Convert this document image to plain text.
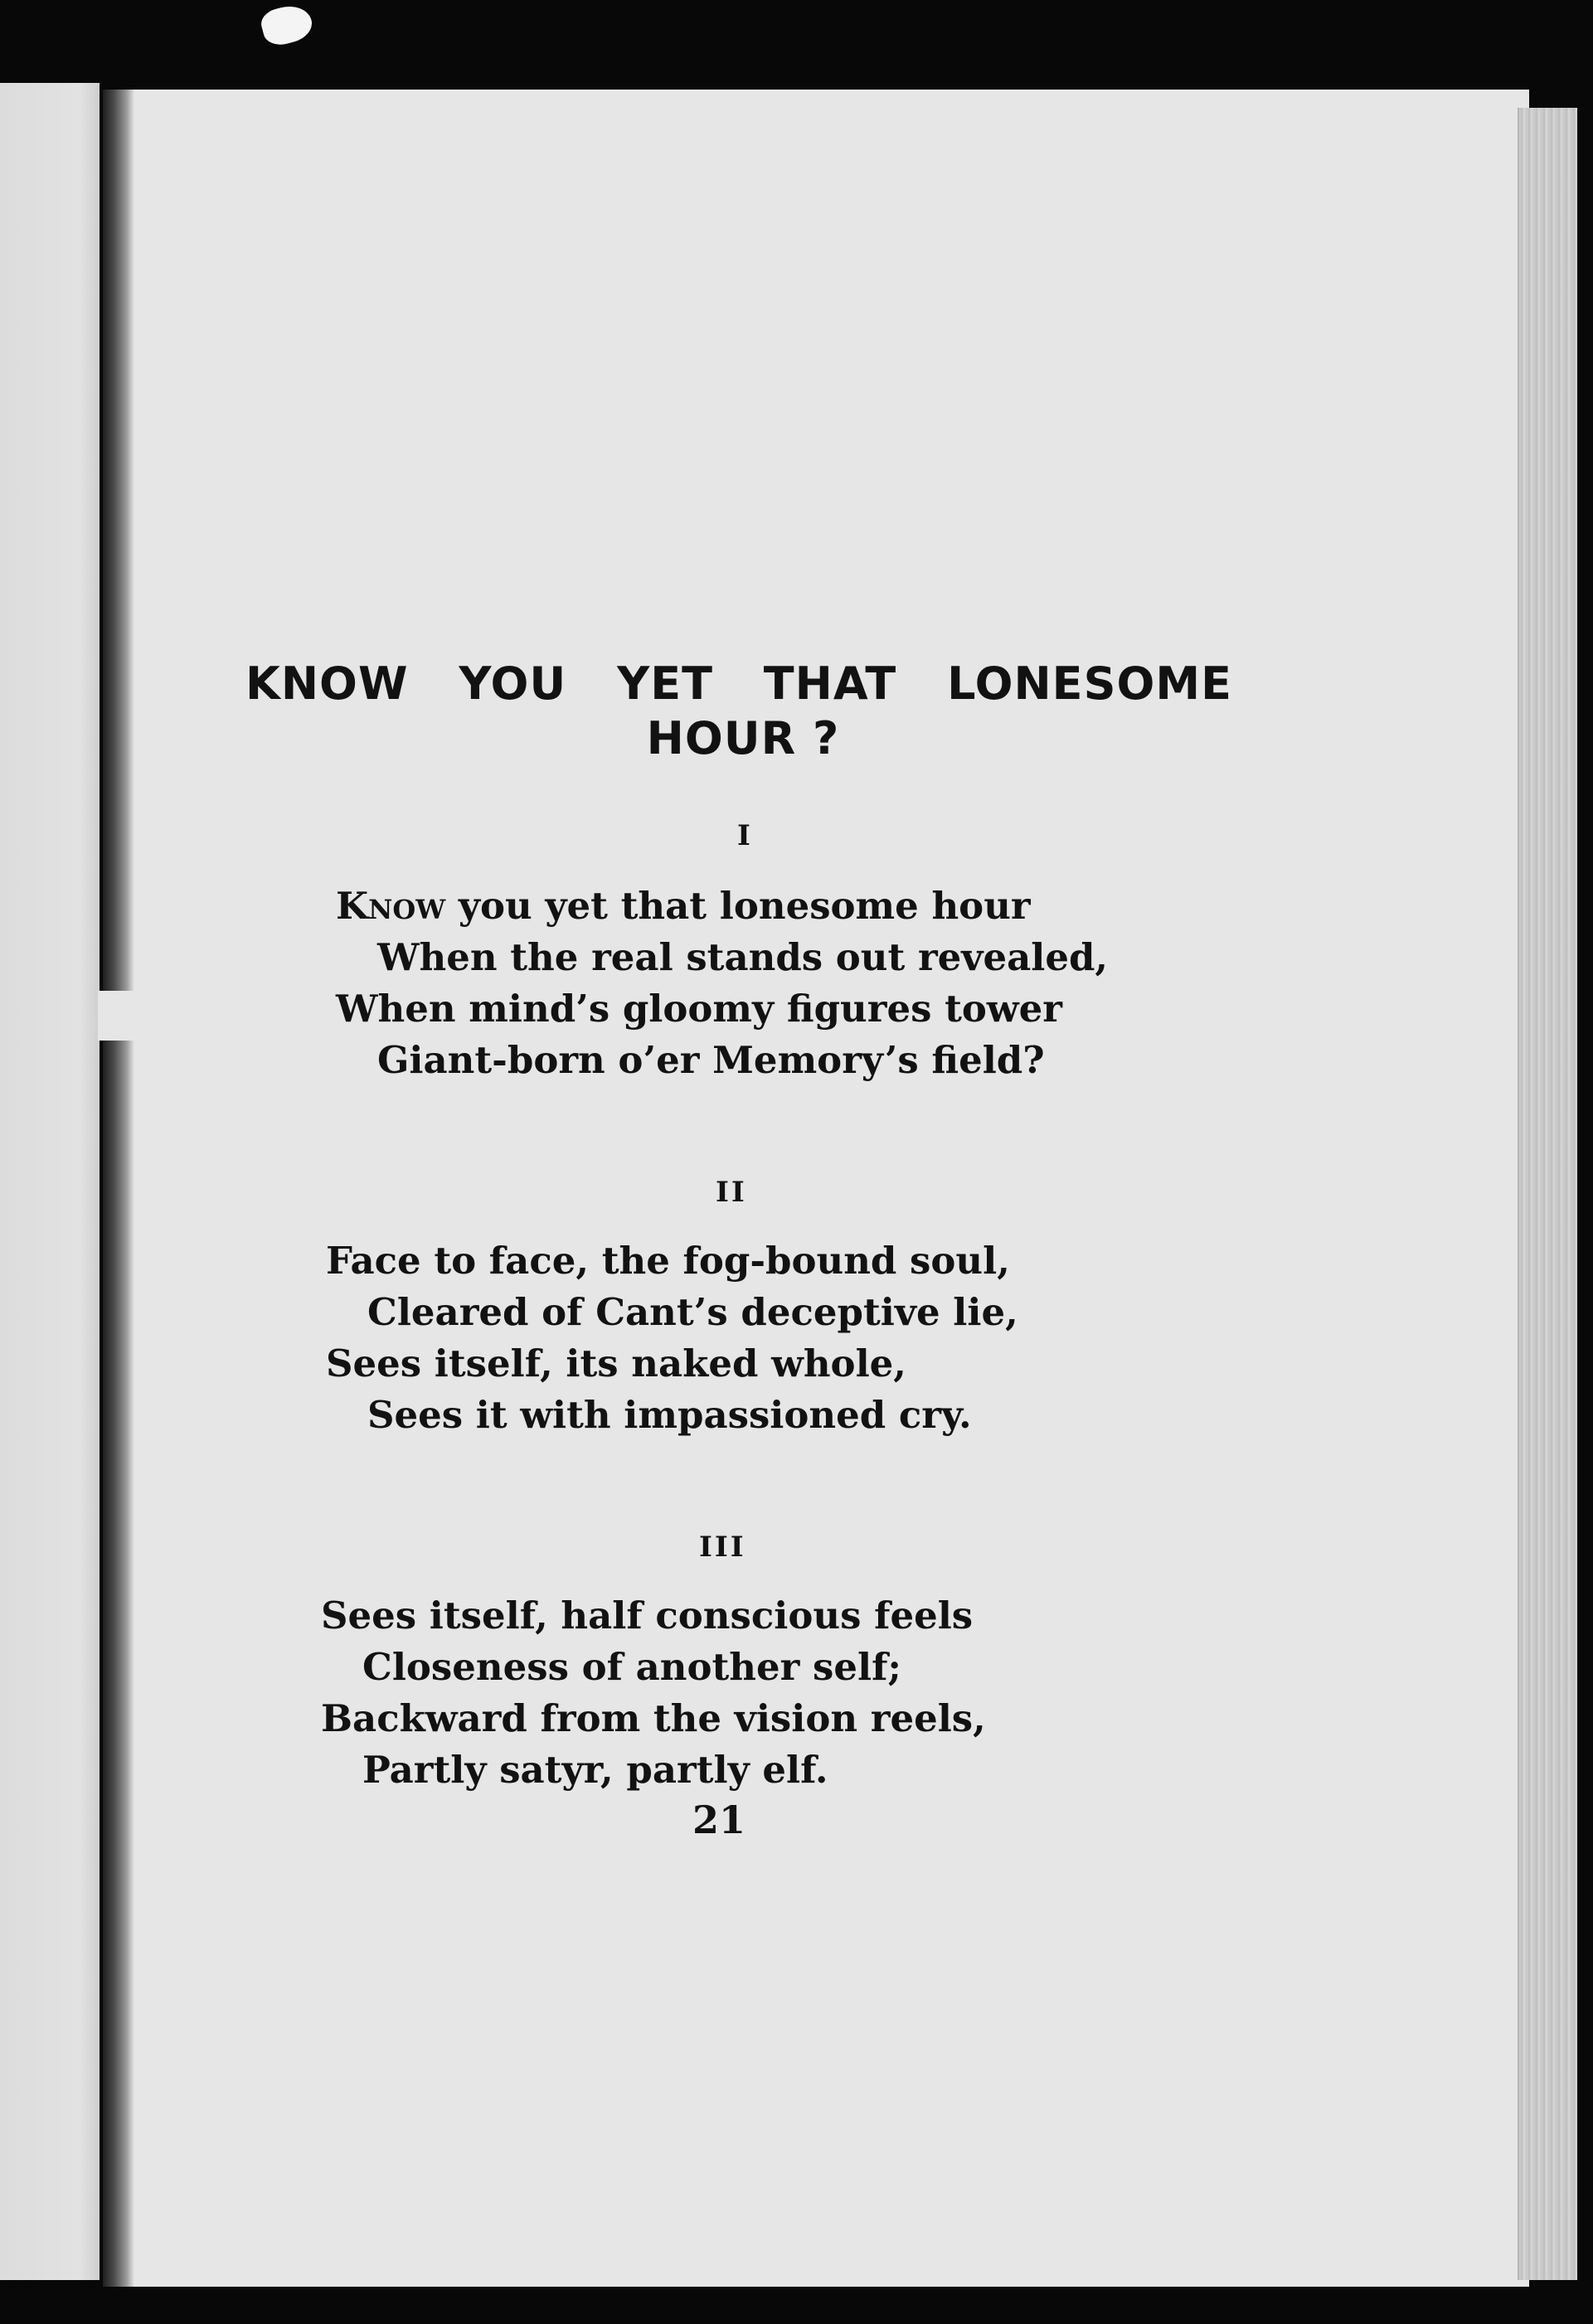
KNOW YOU YET THAT LONESOME
HOUR ?
I
Know you yet that lonesome hour
When the real stands out revealed,
When mind’s gloomy figures tower
Giant-born o’er Memory’s field?
II
Face to face, the fog-bound soul,
Cleared of Cant’s deceptive lie,
Sees itself, its naked whole,
Sees it with impassioned cry.
III
Sees itself, half conscious feels
Closeness of another self;
Backward from the vision reels,
Partly satyr, partly elf.
21
